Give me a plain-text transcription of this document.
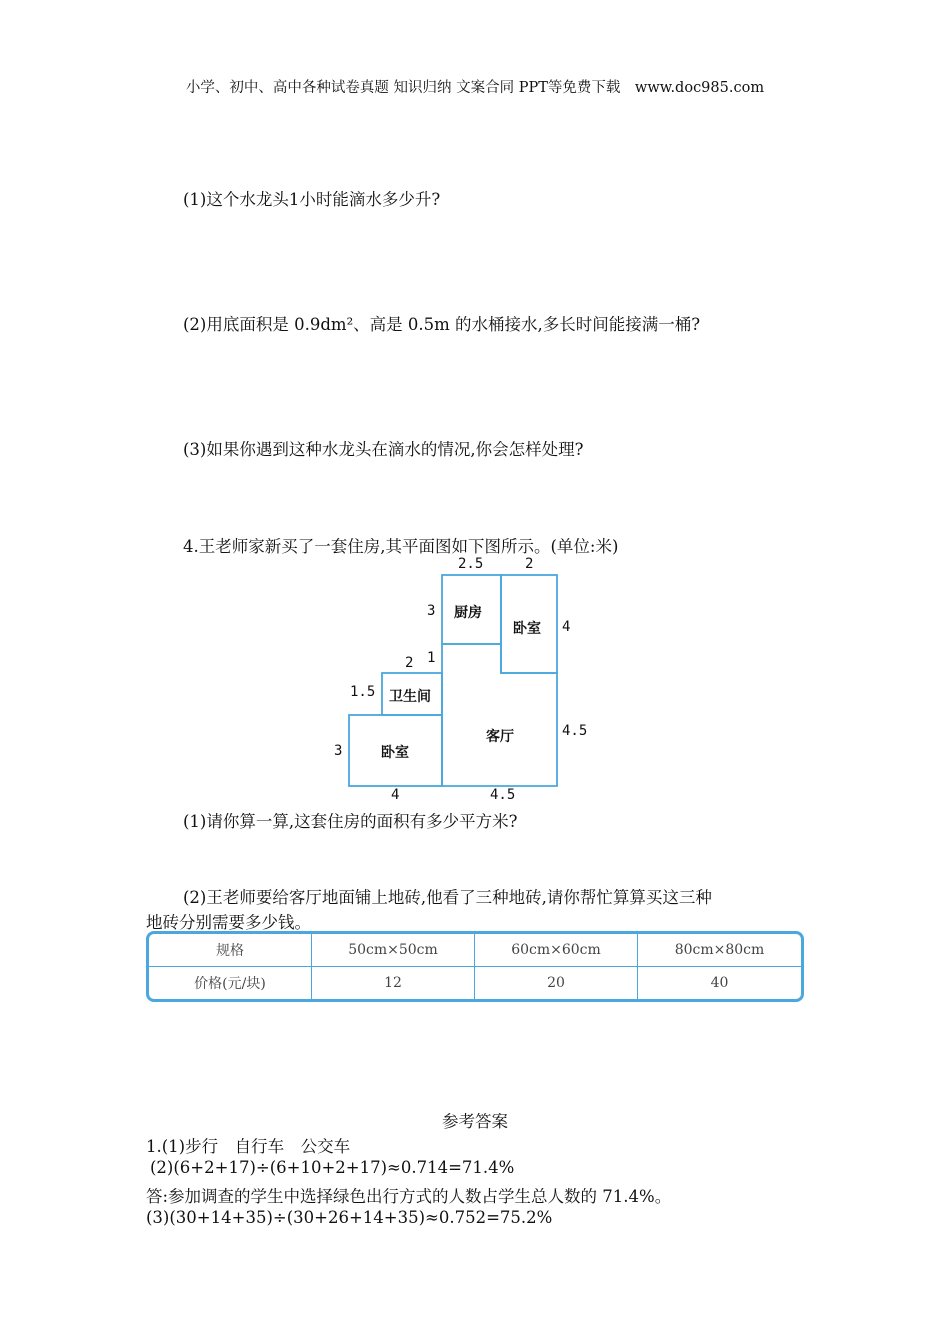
小学、初中、高中各种试卷真题 知识归纳 文案合同 PPT等免费下载　www.doc985.com
(1)这个水龙头1小时能滴水多少升?
(2)用底面积是 0.9dm²、高是 0.5m 的水桶接水,多长时间能接满一桶?
(3)如果你遇到这种水龙头在滴水的情况,你会怎样处理?
4.王老师家新买了一套住房,其平面图如下图所示。(单位:米)
厨房
卧室
卫生间
客厅
卧室
2.5	2
3
4
1
2
1.5
4.5
3
4	4.5
(1)请你算一算,这套住房的面积有多少平方米?
(2)王老师要给客厅地面铺上地砖,他看了三种地砖,请你帮忙算算买这三种
地砖分别需要多少钱。
规格	50cm×50cm	60cm×60cm	80cm×80cm
价格(元/块)	12	20	40
参考答案
1.(1)步行　自行车　公交车
(2)(6+2+17)÷(6+10+2+17)≈0.714=71.4%
答:参加调查的学生中选择绿色出行方式的人数占学生总人数的 71.4%。
(3)(30+14+35)÷(30+26+14+35)≈0.752=75.2%
